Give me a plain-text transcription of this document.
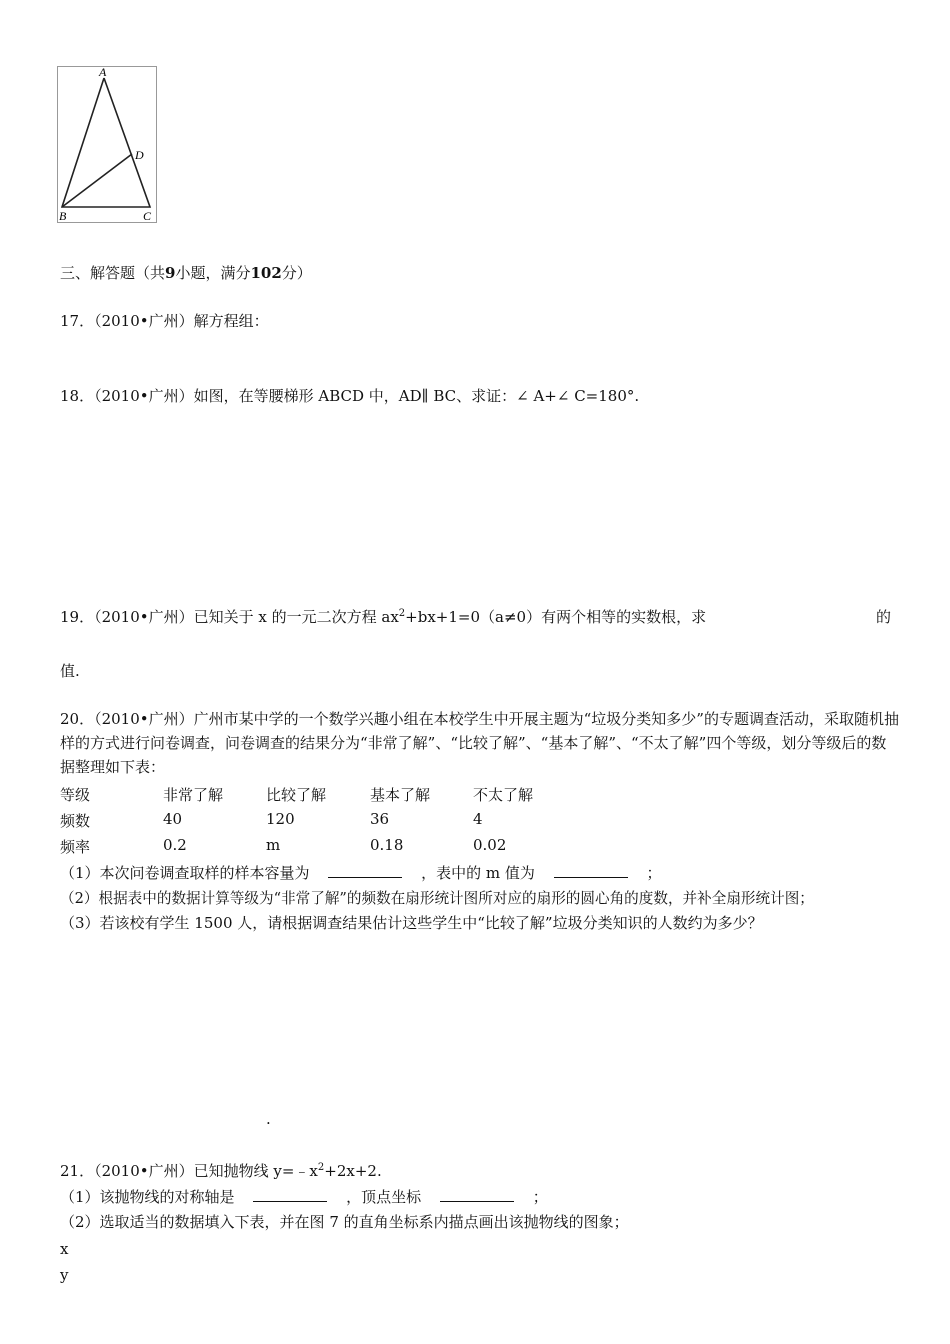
A
D
B	C
三、解答题（共9小题，满分102分）
17．（2010•广州）解方程组：
18．（2010•广州）如图，在等腰梯形 ABCD 中，AD∥ BC、求证：∠ A+∠ C=180°.
19．（2010•广州）已知关于 x 的一元二次方程 $ax^2+bx+1=0(a\ne 0)$有两个相等的实数根，求	的
值.
20．（2010•广州）广州市某中学的一个数学兴趣小组在本校学生中开展主题为“垃圾分类知多少”的专题调查活动，采取随机抽样的方式进行问卷调查，问卷调查的结果分为“非常了解”、“比较了解”、“基本了解”、“不太了解”四个等级，划分等级后的数据整理如下表：
等级	非常了解	比较了解	基本了解	不太了解
频数	40	120	36	4
频率	0.2	m	0.18	0.02
（1）本次问卷调查取样的样本容量为	，表中的 m 值为	；
（2）根据表中的数据计算等级为“非常了解”的频数在扇形统计图所对应的扇形的圆心角的度数，并补全扇形统计图；
（3）若该校有学生 1500 人，请根据调查结果估计这些学生中“比较了解”垃圾分类知识的人数约为多少？
.
21．（2010•广州）已知抛物线 $y=﹣x^2+2x+2$.
（1）该抛物线的对称轴是	，顶点坐标	；
（2）选取适当的数据填入下表，并在图 7 的直角坐标系内描点画出该抛物线的图象；
x
y
